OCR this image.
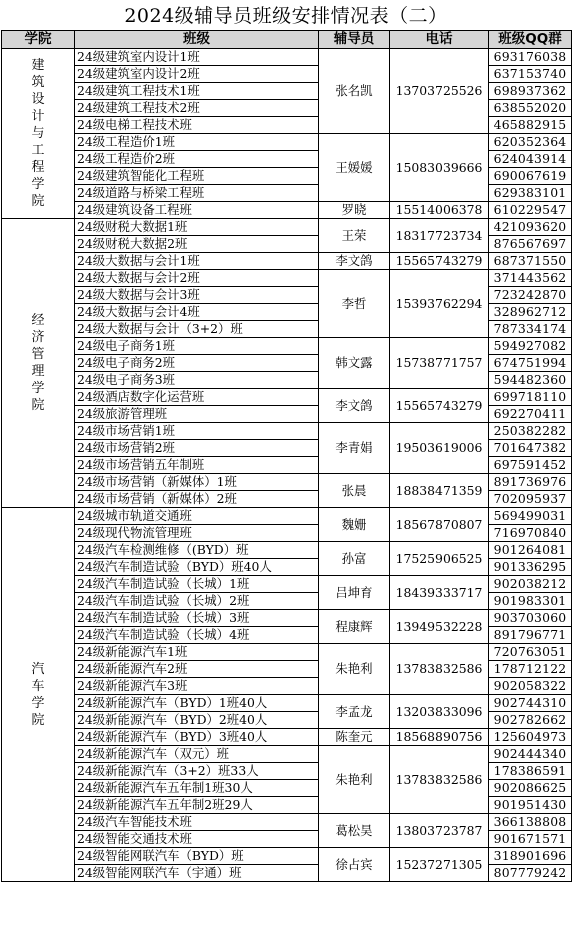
2024级辅导员班级安排情况表（二）
学院	班级	辅导员	电话	班级QQ群
建筑设计与工程学院	24级建筑室内设计1班	张名凯	13703725526	693176038
	24级建筑室内设计2班			637153740
	24级建筑工程技术1班			698937362
	24级建筑工程技术2班			638552020
	24级电梯工程技术班			465882915
	24级工程造价1班	王媛媛	15083039666	620352364
	24级工程造价2班			624043914
	24级建筑智能化工程班			690067619
	24级道路与桥梁工程班			629383101
	24级建筑设备工程班	罗晓	15514006378	610229547
经济管理学院	24级财税大数据1班	王荣	18317723734	421093620
	24级财税大数据2班			876567697
	24级大数据与会计1班	李文鸽	15565743279	687371550
	24级大数据与会计2班	李哲	15393762294	371443562
	24级大数据与会计3班			723242870
	24级大数据与会计4班			328962712
	24级大数据与会计（3+2）班			787334174
	24级电子商务1班	韩文露	15738771757	594927082
	24级电子商务2班			674751994
	24级电子商务3班			594482360
	24级酒店数字化运营班	李文鸽	15565743279	699718110
	24级旅游管理班			692270411
	24级市场营销1班	李青娟	19503619006	250382282
	24级市场营销2班			701647382
	24级市场营销五年制班			697591452
	24级市场营销（新媒体）1班	张晨	18838471359	891736976
	24级市场营销（新媒体）2班			702095937
汽车学院	24级城市轨道交通班	魏姗	18567870807	569499031
	24级现代物流管理班			716970840
	24级汽车检测维修（(BYD）班	孙富	17525906525	901264081
	24级汽车制造试验（BYD）班40人			901336295
	24级汽车制造试验（长城）1班	吕坤育	18439333717	902038212
	24级汽车制造试验（长城）2班			901983301
	24级汽车制造试验（长城）3班	程康辉	13949532228	903703060
	24级汽车制造试验（长城）4班			891796771
	24级新能源汽车1班	朱艳利	13783832586	720763051
	24级新能源汽车2班			178712122
	24级新能源汽车3班			902058322
	24级新能源汽车（BYD）1班40人	李孟龙	13203833096	902744310
	24级新能源汽车（BYD）2班40人			902782662
	24级新能源汽车（BYD）3班40人	陈奎元	18568890756	125604973
	24级新能源汽车（双元）班	朱艳利	13783832586	902444340
	24级新能源汽车（3+2）班33人			178386591
	24级新能源汽车五年制1班30人			902086625
	24级新能源汽车五年制2班29人			901951430
	24级汽车智能技术班	葛松昊	13803723787	366138808
	24级智能交通技术班			901671571
	24级智能网联汽车（BYD）班	徐占宾	15237271305	318901696
	24级智能网联汽车（宇通）班			807779242
